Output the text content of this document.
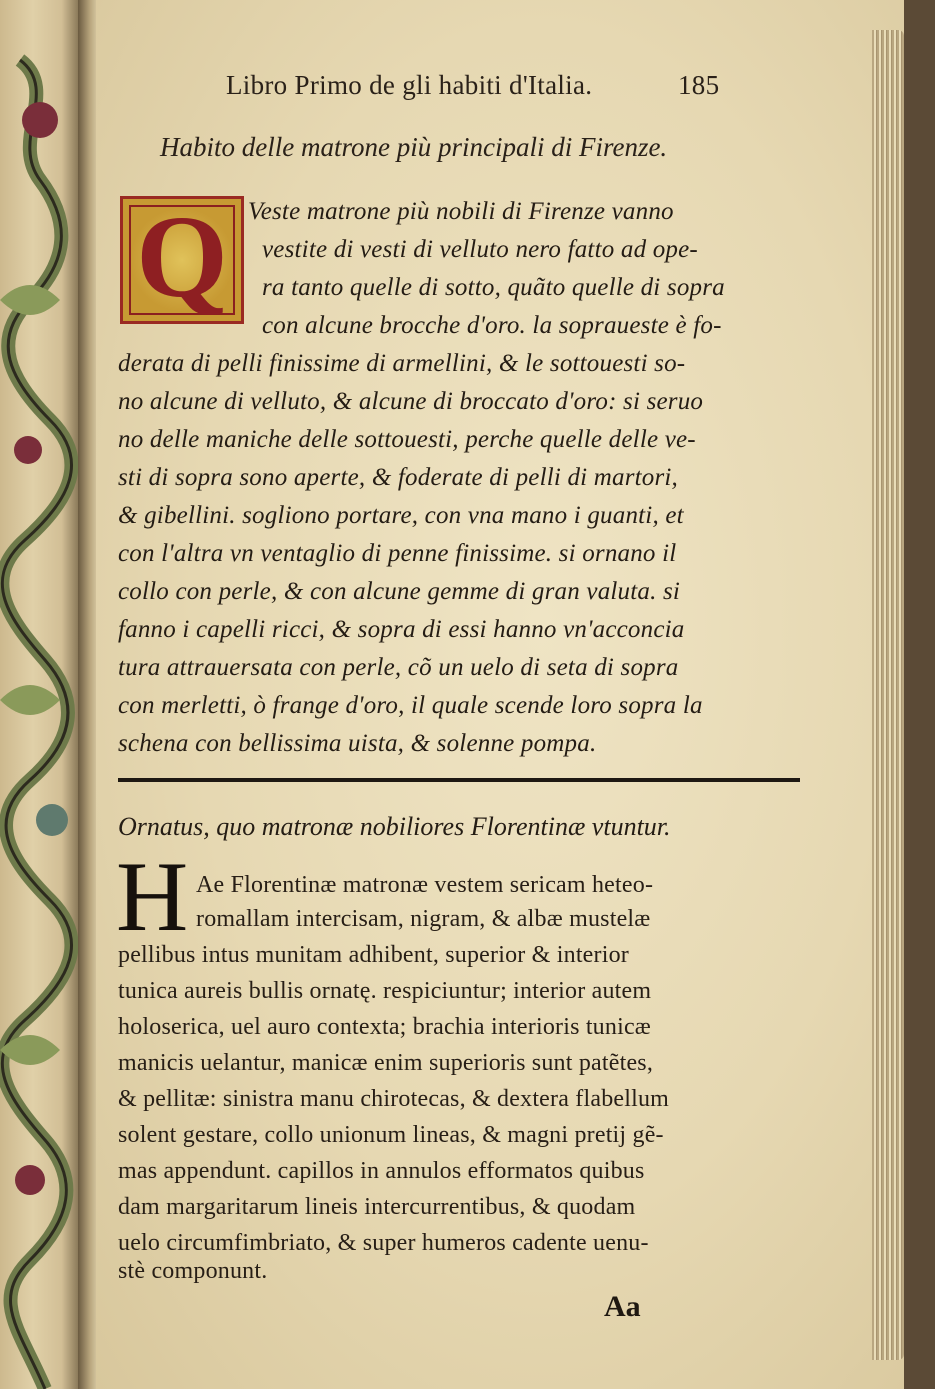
Libro Primo de gli habiti d'Italia.	185
Habito delle matrone più principali di Firenze.
Q Veste matrone più nobili di Firenze vanno
vestite di vesti di velluto nero fatto ad ope-
ra tanto quelle di sotto, quãto quelle di sopra
con alcune brocche d'oro. la sopraueste è fo-
derata di pelli finissime di armellini, & le sottouesti so-
no alcune di velluto, & alcune di broccato d'oro: si seruo
no delle maniche delle sottouesti, perche quelle delle ve-
sti di sopra sono aperte, & foderate di pelli di martori,
& gibellini. sogliono portare, con vna mano i guanti, et
con l'altra vn ventaglio di penne finissime. si ornano il
collo con perle, & con alcune gemme di gran valuta. si
fanno i capelli ricci, & sopra di essi hanno vn'acconcia
tura attrauersata con perle, cõ un uelo di seta di sopra
con merletti, ò frange d'oro, il quale scende loro sopra la
schena con bellissima uista, & solenne pompa.
Ornatus, quo matronæ nobiliores Florentinæ vtuntur.
H Ae Florentinæ matronæ vestem sericam heteo-
romallam intercisam, nigram, & albæ mustelæ
pellibus intus munitam adhibent, superior & interior
tunica aureis bullis ornatę. respiciuntur; interior autem
holoserica, uel auro contexta; brachia interioris tunicæ
manicis uelantur, manicæ enim superioris sunt patẽtes,
& pellitæ: sinistra manu chirotecas, & dextera flabellum
solent gestare, collo unionum lineas, & magni pretij gẽ-
mas appendunt. capillos in annulos efformatos quibus
dam margaritarum lineis intercurrentibus, & quodam
uelo circumfimbriato, & super humeros cadente uenu-
stè componunt.
Aa
